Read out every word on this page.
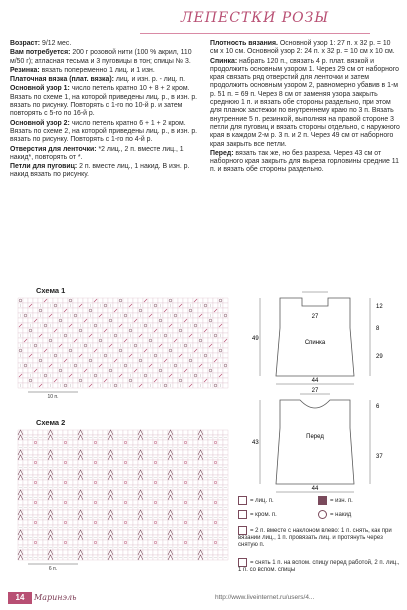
ЛЕПЕСТКИ РОЗЫ

Возраст: 9/12 мес.

Вам потребуется: 200 г розовой нити (100 % акрил, 110 м/50 г); атласная тесьма и 3 пуговицы в тон; спицы № 3.

Резинка: вязать попеременно 1 лиц. и 1 изн.

Платочная вязка (плат. вязка): лиц. и изн. р. - лиц. п.

Основной узор 1: число петель кратно 10 + 8 + 2 кром. Вязать по схеме 1, на которой приведены лиц. р., в изн. р. вязать по рисунку. Повторять с 1-го по 10-й р. и затем повторять с 5-го по 16-й р.

Основной узор 2: число петель кратно 6 + 1 + 2 кром. Вязать по схеме 2, на которой приведены лиц. р., в изн. р. вязать по рисунку. Повторять с 1-го по 4-й р.

Отверстия для ленточки: *2 лиц., 2 п. вместе лиц., 1 накид*, повторять от *.

Петли для пуговиц: 2 п. вместе лиц., 1 накид. В изн. р. накид вязать по рисунку.

Плотность вязания. Основной узор 1: 27 п. x 32 р. = 10 см x 10 см. Основной узор 2: 24 п. x 32 р. = 10 см x 10 см.

Спинка: набрать 120 п., связать 4 р. плат. вязкой и продолжить основным узором 1. Через 29 см от наборного края связать ряд отверстий для ленточки и затем продолжить основным узором 2, равномерно убавив в 1-м р. 51 п. = 69 п. Через 8 см от заменяя узора закрыть среднюю 1 п. и вязать обе стороны раздельно, при этом для планок застежки по внутреннему краю по 3 п. Вязать внутренние 5 п. резинкой, выполняя на правой стороне 3 петли для пуговиц и вязать стороны отдельно, с наружного края в каждом 2-м р. 3 п. и 2 п. Через 49 см от наборного края закрыть все петли.

Перед: вязать так же, но без разреза. Через 43 см от наборного края закрыть для выреза горловины средние 11 п. и вязать обе стороны раздельно.

Схема 1
10 п.
Схема 2
6 п.
Спинка
49
12
8
29
44
27
Перед
43
6
37
44
27
= лиц. п.	= изн. п.
= кром. п.	= накид
= 2 п. вместе с наклоном влево: 1 п. снять, как при вязании лиц., 1 п. провязать лиц. и протянуть через снятую п.
= снять 1 п. на вспом. спицу перед работой, 2 п. лиц., 1 п. со вспом. спицы
14	Маринэль	http://www.liveinternet.ru/users/4...
